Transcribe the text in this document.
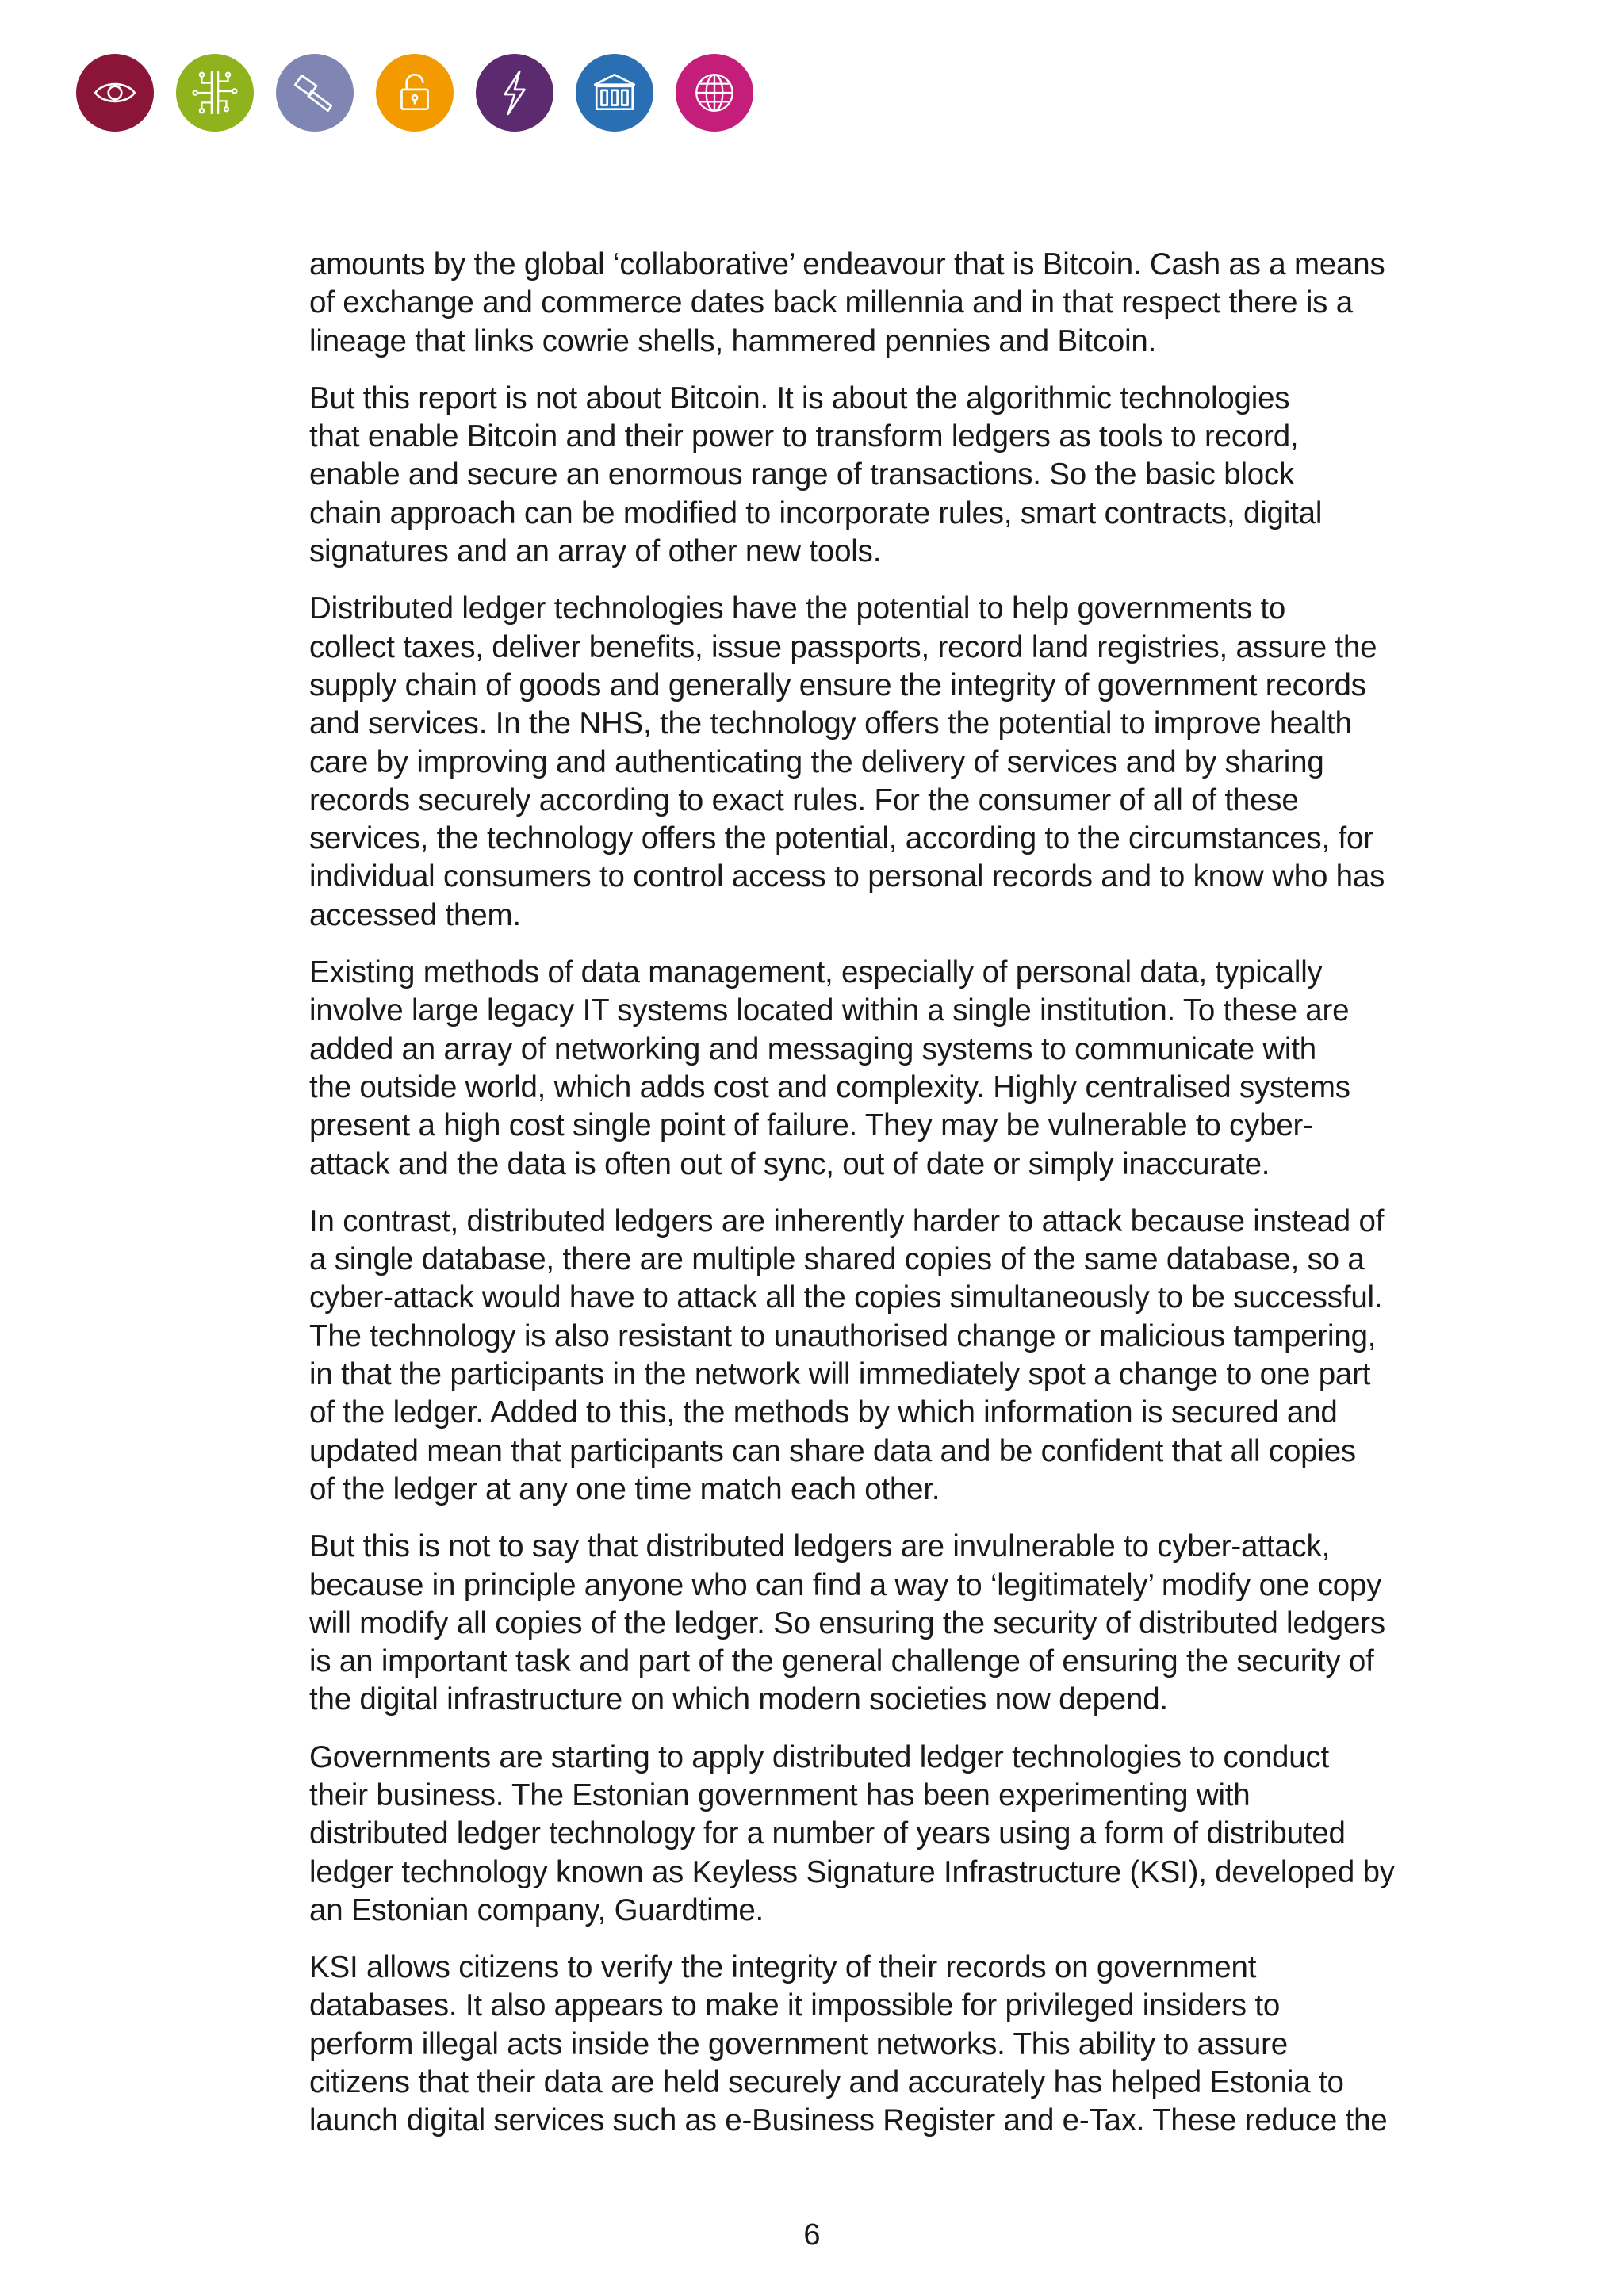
amounts by the global ‘collaborative’ endeavour that is Bitcoin. Cash as a means
of exchange and commerce dates back millennia and in that respect there is a
lineage that links cowrie shells, hammered pennies and Bitcoin.

But this report is not about Bitcoin. It is about the algorithmic technologies
that enable Bitcoin and their power to transform ledgers as tools to record,
enable and secure an enormous range of transactions. So the basic block
chain approach can be modified to incorporate rules, smart contracts, digital
signatures and an array of other new tools.

Distributed ledger technologies have the potential to help governments to
collect taxes, deliver benefits, issue passports, record land registries, assure the
supply chain of goods and generally ensure the integrity of government records
and services. In the NHS, the technology offers the potential to improve health
care by improving and authenticating the delivery of services and by sharing
records securely according to exact rules. For the consumer of all of these
services, the technology offers the potential, according to the circumstances, for
individual consumers to control access to personal records and to know who has
accessed them.

Existing methods of data management, especially of personal data, typically
involve large legacy IT systems located within a single institution. To these are
added an array of networking and messaging systems to communicate with
the outside world, which adds cost and complexity. Highly centralised systems
present a high cost single point of failure. They may be vulnerable to cyber-
attack and the data is often out of sync, out of date or simply inaccurate.

In contrast, distributed ledgers are inherently harder to attack because instead of
a single database, there are multiple shared copies of the same database, so a
cyber-attack would have to attack all the copies simultaneously to be successful.
The technology is also resistant to unauthorised change or malicious tampering,
in that the participants in the network will immediately spot a change to one part
of the ledger. Added to this, the methods by which information is secured and
updated mean that participants can share data and be confident that all copies
of the ledger at any one time match each other.

But this is not to say that distributed ledgers are invulnerable to cyber-attack,
because in principle anyone who can find a way to ‘legitimately’ modify one copy
will modify all copies of the ledger. So ensuring the security of distributed ledgers
is an important task and part of the general challenge of ensuring the security of
the digital infrastructure on which modern societies now depend.

Governments are starting to apply distributed ledger technologies to conduct
their business. The Estonian government has been experimenting with
distributed ledger technology for a number of years using a form of distributed
ledger technology known as Keyless Signature Infrastructure (KSI), developed by
an Estonian company, Guardtime.

KSI allows citizens to verify the integrity of their records on government
databases. It also appears to make it impossible for privileged insiders to
perform illegal acts inside the government networks. This ability to assure
citizens that their data are held securely and accurately has helped Estonia to
launch digital services such as e-Business Register and e-Tax. These reduce the

6
